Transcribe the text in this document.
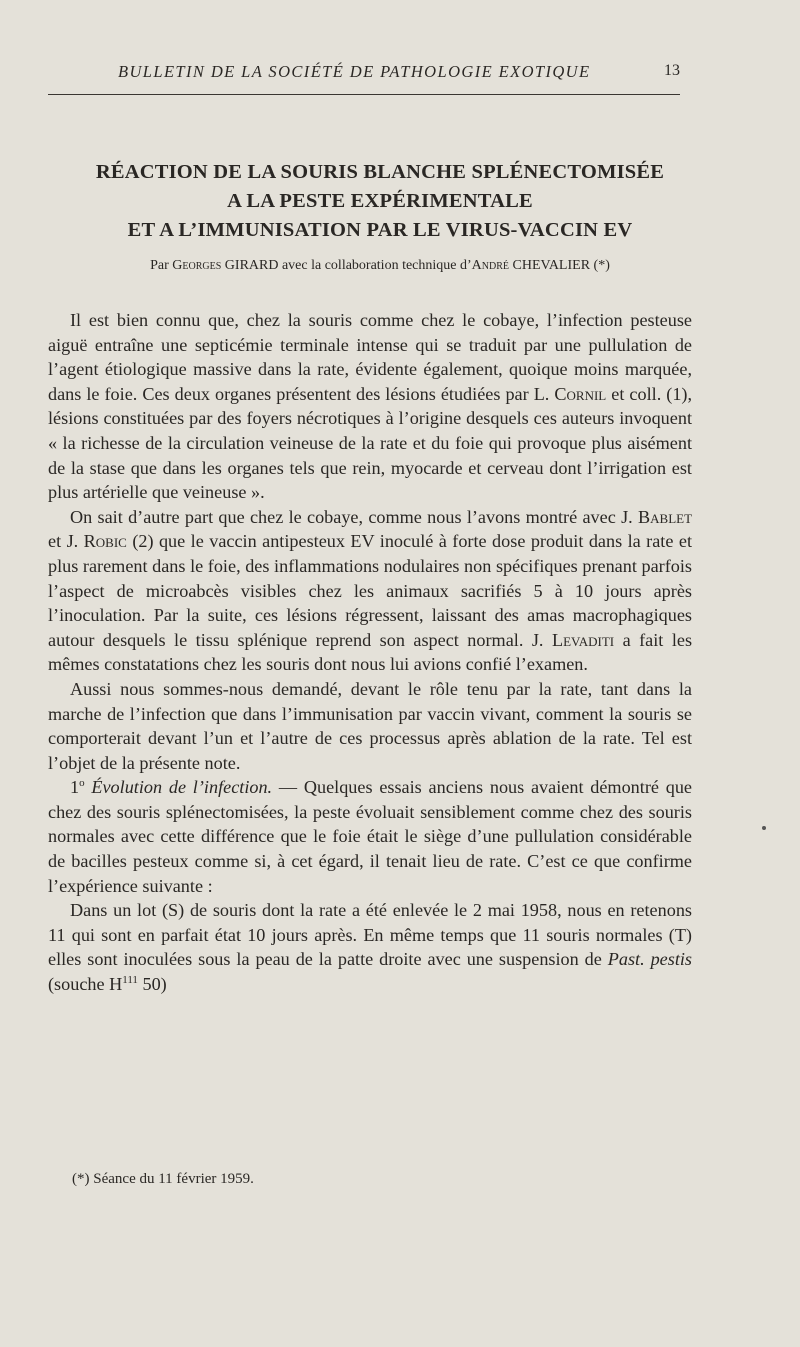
BULLETIN DE LA SOCIÉTÉ DE PATHOLOGIE EXOTIQUE	13
RÉACTION DE LA SOURIS BLANCHE SPLÉNECTOMISÉE
A LA PESTE EXPÉRIMENTALE
ET A L’IMMUNISATION PAR LE VIRUS-VACCIN EV
Par Georges GIRARD avec la collaboration technique d’André CHEVALIER (*)

Il est bien connu que, chez la souris comme chez le cobaye, l’infection pesteuse aiguë entraîne une septicémie terminale intense qui se traduit par une pullulation de l’agent étiologique massive dans la rate, évidente également, quoique moins marquée, dans le foie. Ces deux organes présentent des lésions étudiées par L. Cornil et coll. (1), lésions constituées par des foyers nécrotiques à l’origine desquels ces auteurs invoquent « la richesse de la circulation veineuse de la rate et du foie qui provoque plus aisément de la stase que dans les organes tels que rein, myocarde et cerveau dont l’irrigation est plus artérielle que veineuse ».

On sait d’autre part que chez le cobaye, comme nous l’avons montré avec J. Bablet et J. Robic (2) que le vaccin antipesteux EV inoculé à forte dose produit dans la rate et plus rarement dans le foie, des inflammations nodulaires non spécifiques prenant parfois l’aspect de microabcès visibles chez les animaux sacrifiés 5 à 10 jours après l’inoculation. Par la suite, ces lésions régressent, laissant des amas macrophagiques autour desquels le tissu splénique reprend son aspect normal. J. Levaditi a fait les mêmes constatations chez les souris dont nous lui avions confié l’examen.

Aussi nous sommes-nous demandé, devant le rôle tenu par la rate, tant dans la marche de l’infection que dans l’immunisation par vaccin vivant, comment la souris se comporterait devant l’un et l’autre de ces processus après ablation de la rate. Tel est l’objet de la présente note.

1$^o$ Évolution de l’infection. — Quelques essais anciens nous avaient démontré que chez des souris splénectomisées, la peste évoluait sensiblement comme chez des souris normales avec cette différence que le foie était le siège d’une pullulation considérable de bacilles pesteux comme si, à cet égard, il tenait lieu de rate. C’est ce que confirme l’expérience suivante :

Dans un lot (S) de souris dont la rate a été enlevée le 2 mai 1958, nous en retenons 11 qui sont en parfait état 10 jours après. En même temps que 11 souris normales (T) elles sont inoculées sous la peau de la patte droite avec une suspension de Past. pestis (souche $H^{111}$ 50)

(*) Séance du 11 février 1959.
